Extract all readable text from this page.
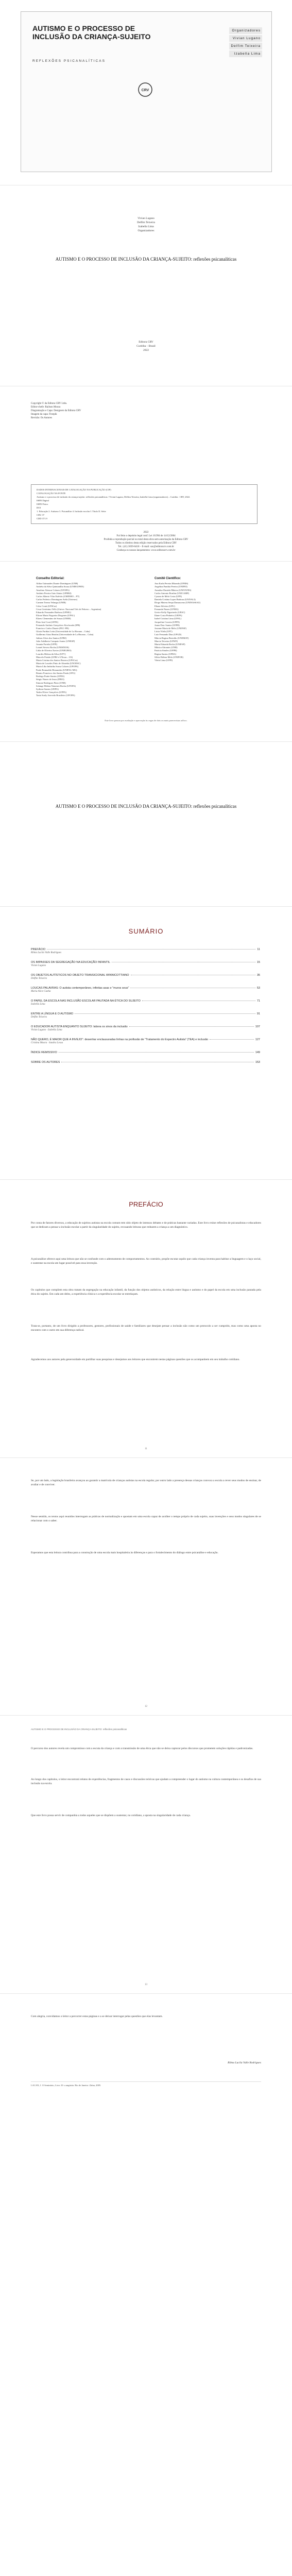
AUTISMO E O PROCESSO DE INCLUSÃO DA CRIANÇA-SUJEITO
REFLEXÕES PSICANALÍTICAS
Organizadores
Vivian Lugano
Delfim Teixeira
Izabella Lima
CRV
Vivian Lugano
Delfim Teixeira
Izabella Lima
Organizadores
AUTISMO E O PROCESSO DE INCLUSÃO DA CRIANÇA-SUJEITO: reflexões psicanalíticas
Editora CRV
Curitiba – Brasil
2022
Copyright © da Editora CRV Ltda.
Editor-chefe: Railson Moura
Diagramação e Capa: Designers da Editora CRV
Imagem da capa: Freepik
Revisão: Os Autores
DADOS INTERNACIONAIS DE CATALOGAÇÃO NA PUBLICAÇÃO (CIP)
CATALOGAÇÃO NA FONTE
Autismo e o processo de inclusão da criança-sujeito: reflexões psicanalíticas / Vivian Lugano, Delfim Teixeira, Izabella Lima (organizadores) – Curitiba : CRV, 2022.
ISBN Digital
ISBN Físico
DOI
1. Educação 2. Autismo 3. Psicanálise 4. Inclusão escolar I. Título II. Série
CDU 37
CDD 371.9
2022
Foi feito o depósito legal conf. Lei 10.994 de 14/12/2004
Proibida a reprodução parcial ou total desta obra sem autorização da Editora CRV
Todos os direitos desta edição reservados pela Editora CRV
Tel.: (41) 3039-6418 – E-mail: sac@editoracrv.com.br
Conheça os nossos lançamentos: www.editoracrv.com.br
Conselho Editorial:
Aldira Guimarães Duarte Domínguez (UNB)
Andréia da Silva Quintanilha Sousa (UNIR/UFRN)
Anselmo Alencar Colares (UFOPA)
Antônio Pereira Gaio Júnior (UFRRJ)
Carlos Alberto Vilar Estêvão (UMINHO – PT)
Carlos Federico Dominguez Avila (Unieuro)
Carmen Tereza Velanga (UNIR)
Celso Conti (UFSCar)
Cesar Gerónimo Tello (Univer. Nacional Três de Febrero – Argentina)
Eduardo Fernandes Barbosa (UFMG)
Elione Maria Nogueira Diogenes (UFAL)
Elizeu Clementino de Souza (UNEB)
Élsio José Corá (UFFS)
Fernando Antônio Gonçalves Alcoforado (IPB)
Francisco Carlos Duarte (PUC-PR)
Gloria Fariñas León (Universidade de La Havana – Cuba)
Guillermo Arias Beatón (Universidade de La Havana – Cuba)
Jailson Alves dos Santos (UFRJ)
João Adalberto Campato Junior (UNESP)
Josania Portela (UFPI)
Leonel Severo Rocha (UNISINOS)
Lídia de Oliveira Xavier (UNIEURO)
Lourdes Helena da Silva (UFV)
Marcelo Paixão (UFRJ e UTexas – US)
Maria Cristina dos Santos Bezerra (UFSCar)
Maria de Lourdes Pinto de Almeida (UNOESC)
Maria Lília Imbiriba Sousa Colares (UFOPA)
Paulo Romualdo Hernandes (UNIFAL-MG)
Renato Francisco dos Santos Paula (UFG)
Rodrigo Pratte-Santos (UFES)
Sérgio Nunes de Jesus (IFRO)
Simone Rodrigues Pinto (UNB)
Solange Helena Ximenes-Rocha (UFOPA)
Sydione Santos (UEPG)
Tadeu Oliver Gonçalves (UFPA)
Tania Suely Azevedo Brasileiro (UFOPA)
Comitê Científico:
Ana Karla Pereira Miranda (UFMS)
Angelina Pandita Pereira (UNIFEI)
Annalise Daniela Mânica (UNIVATES)
Carlos Antonio Bonfim (UNICAMP)
Cynara de Melo Costa (UPE)
Daniela Cristina Lopes Barbosa (UNIVALI)
Diogo Mateus Serpa Damasceno (UNINASSAU)
Eliane Silveira (UFU)
Fernanda Nunes (UFMG)
Greice Kelly Figueiredo (UESC)
Iliane Costa Pinheiro (UEPA)
Isabel Cristina Lima (UFAL)
Jacqueline Correia (UFPE)
Joana Darc Santos (UFPB)
Joseane Maria de Melo (UNIFAP)
Lúcia Vilela (UFT)
Luiz Fernando Dias (UFGD)
Márcia Regina Bertoldo (UNEMAT)
Marcia Teixeira (UFMT)
Maria Eduarda Rocha (UNIFAP)
Mônica Abrantes (UNB)
Patrícia Simões (UFPR)
Regina Santos (UFBA)
Sílvia Helena Melo (UNIFOR)
Vânia Lima (UFPI)
Este livro passou por avaliação e aprovação às cegas de dois ou mais pareceristas ad hoc.
AUTISMO E O PROCESSO DE INCLUSÃO DA CRIANÇA-SUJEITO: reflexões psicanalíticas
SUMÁRIO
PREFÁCIO	11
Rilma Lucila Valle Rodrigues
OS IMPASSES DA SEGREGAÇÃO NA EDUCAÇÃO INFANTIL	15
Vivian Lugano
OS OBJETOS AUTÍSTICOS NO OBJETO TRANSICIONAL WINNICOTTIANO	35
Delfim Teixeira
LOUCAS PALAVRAS: O autista contemporâneo, infinitas asas e "muros seus"	53
Maria Alice Cunha
O PAPEL DA ESCOLA NAS INCLUSÃO ESCOLAR PAUTADA NA ÉTICA DO SUJEITO	71
Izabella Lima
ENTRE A LÍNGUA E O AUTISMO	91
Delfim Teixeira
O EDUCADOR AUTISTA ENQUANTO SUJEITO: labora os sinos da inclusão	107
Vivian Lugano · Izabella Lima
NÃO QUERO, É MAIOR QUE A INVEJO": desenhar enclausuradas linhas na profissão de "Tratamento do Espectro Autista" (TEA) e inclusão	127
Cristina Moura · Sandra Lessa
ÍNDICE REMISSIVO	149
SOBRE OS AUTORES	153
PREFÁCIO
Por conta de fatores diversos, a educação de sujeitos autistas na escola comum tem sido objeto de intensos debates e de práticas bastante variadas. Este livro reúne reflexões de psicanalistas e educadores que se dedicam a pensar a inclusão escolar a partir da singularidade do sujeito, recusando leituras que reduzem a criança a um diagnóstico.
A psicanálise oferece aqui uma leitura que não se confunde com o adestramento de comportamentos. Ao contrário, propõe escutar aquilo que cada criança inventa para habitar a linguagem e o laço social, e sustentar na escola um lugar possível para essa invenção.
Os capítulos que compõem esta obra tratam da segregação na educação infantil, da função dos objetos autísticos, da relação entre língua e autismo e do papel da escola em uma inclusão pautada pela ética do sujeito. Em cada um deles, a experiência clínica e a experiência escolar se entrelaçam.
Trata-se, portanto, de um livro dirigido a professores, gestores, profissionais de saúde e familiares que desejam pensar a inclusão não como um protocolo a ser cumprido, mas como uma aposta no encontro com o outro em sua diferença radical.
Agradecemos aos autores pela generosidade em partilhar suas pesquisas e desejamos aos leitores que encontrem nestas páginas questões que os acompanhem em seu trabalho cotidiano.
11
Se, por um lado, a legislação brasileira avançou ao garantir a matrícula de crianças autistas na escola regular, por outro lado a presença dessas crianças convoca a escola a rever seus modos de ensinar, de avaliar e de conviver.
Nesse sentido, os textos aqui reunidos interrogam as práticas de normalização e apostam em uma escola capaz de acolher o tempo próprio de cada sujeito, suas invenções e seus modos singulares de se relacionar com o saber.
Esperamos que esta leitura contribua para a construção de uma escola mais hospitaleira às diferenças e para o fortalecimento do diálogo entre psicanálise e educação.
12
AUTISMO E O PROCESSO DE INCLUSÃO DA CRIANÇA-SUJEITO: reflexões psicanalíticas
O percurso dos autores revela um compromisso com a escuta da criança e com a transmissão de uma ética que não se deixa capturar pelos discursos que prometem soluções rápidas e padronizadas.
Ao longo dos capítulos, o leitor encontrará relatos de experiências, fragmentos de casos e discussões teóricas que ajudam a compreender o lugar do autismo na cultura contemporânea e os desafios de sua inclusão na escola.
Que este livro possa servir de companhia a todos aqueles que se dispõem a sustentar, no cotidiano, a aposta na singularidade de cada criança.
13
Com alegria, convidamos o leitor a percorrer estas páginas e a se deixar interrogar pelas questões que elas levantam.
Rilma Lucila Valle Rodrigues
LACAN, J. O Seminário, Livro 10: a angústia. Rio de Janeiro: Zahar, 2005.
